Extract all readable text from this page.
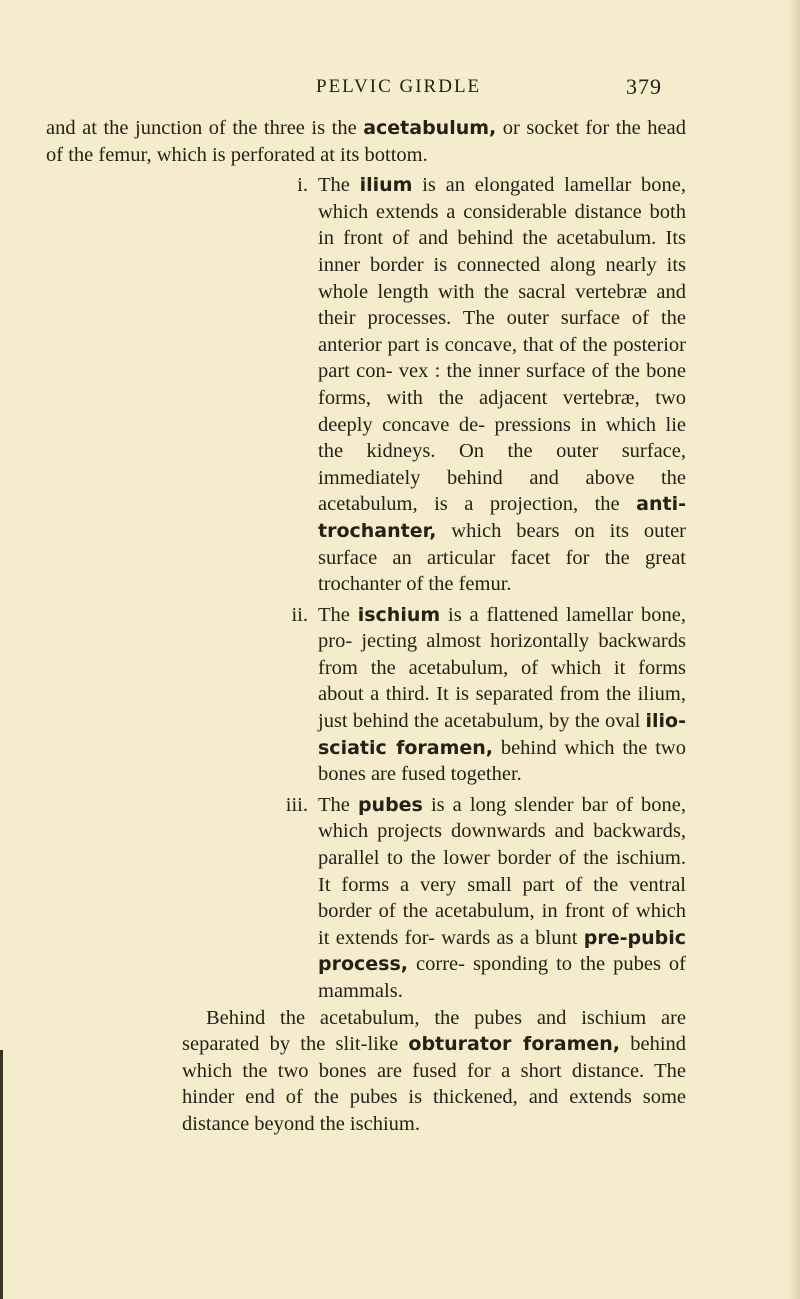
PELVIC GIRDLE	379

and at the junction of the three is the acetabulum, or socket for the head of the femur, which is perforated at its bottom.

i. The ilium is an elongated lamellar bone, which extends a considerable distance both in front of and behind the acetabulum. Its inner border is connected along nearly its whole length with the sacral vertebræ and their processes. The outer surface of the anterior part is concave, that of the posterior part con- vex : the inner surface of the bone forms, with the adjacent vertebræ, two deeply concave de- pressions in which lie the kidneys. On the outer surface, immediately behind and above the acetabulum, is a projection, the anti- trochanter, which bears on its outer surface an articular facet for the great trochanter of the femur.

ii. The ischium is a flattened lamellar bone, pro- jecting almost horizontally backwards from the acetabulum, of which it forms about a third. It is separated from the ilium, just behind the acetabulum, by the oval ilio-sciatic foramen, behind which the two bones are fused together.

iii. The pubes is a long slender bar of bone, which projects downwards and backwards, parallel to the lower border of the ischium. It forms a very small part of the ventral border of the acetabulum, in front of which it extends for- wards as a blunt pre-pubic process, corre- sponding to the pubes of mammals.

Behind the acetabulum, the pubes and ischium are separated by the slit-like obturator foramen, behind which the two bones are fused for a short distance. The hinder end of the pubes is thickened, and extends some distance beyond the ischium.
